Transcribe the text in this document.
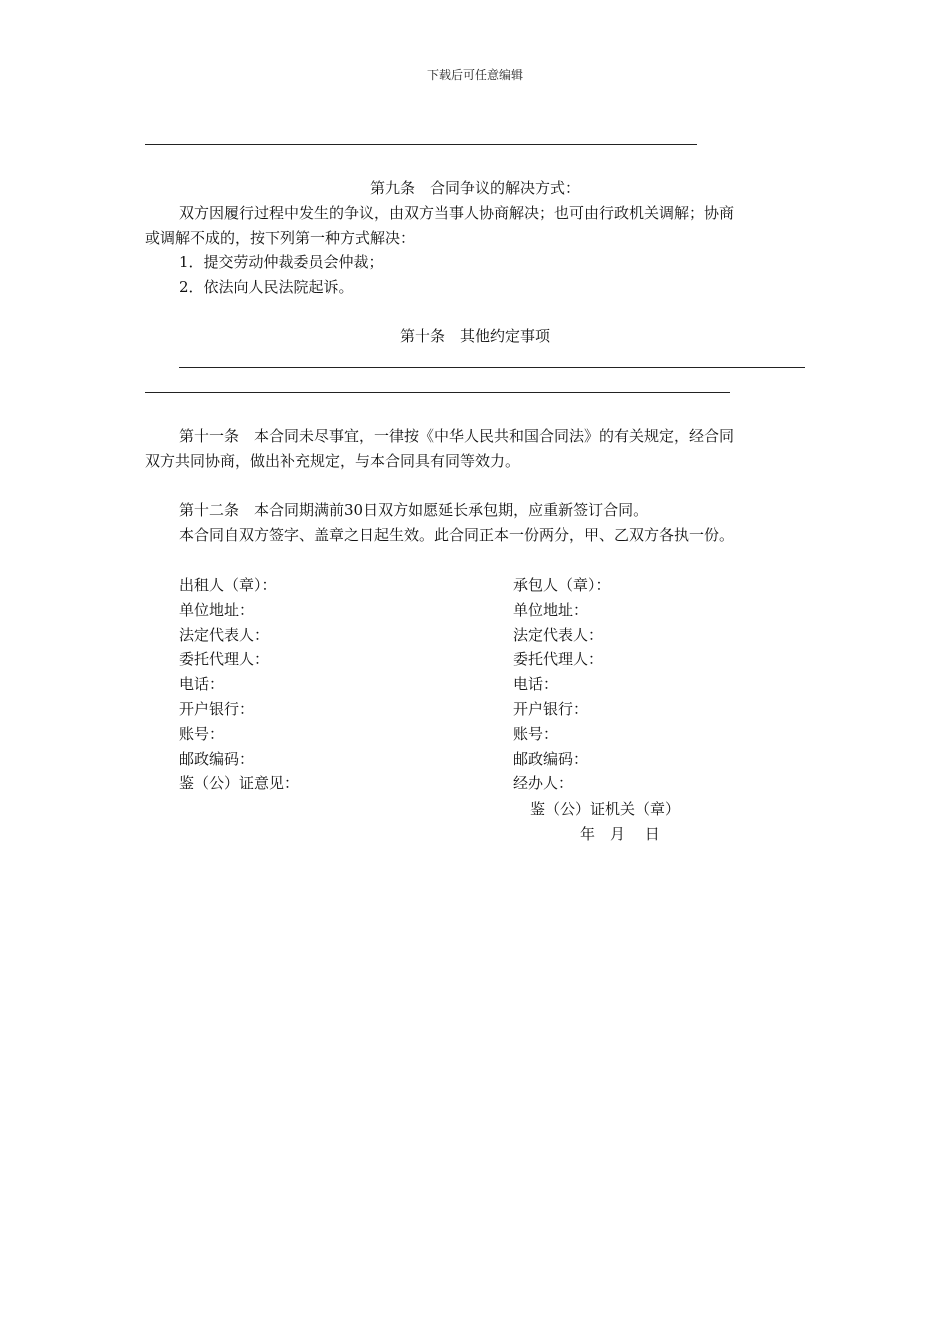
下载后可任意编辑
第九条　合同争议的解决方式：
双方因履行过程中发生的争议，由双方当事人协商解决；也可由行政机关调解；协商
或调解不成的，按下列第一种方式解决：
1．提交劳动仲裁委员会仲裁；
2．依法向人民法院起诉。
第十条　其他约定事项
第十一条　本合同未尽事宜，一律按《中华人民共和国合同法》的有关规定，经合同
双方共同协商，做出补充规定，与本合同具有同等效力。
第十二条　本合同期满前30日双方如愿延长承包期，应重新签订合同。
本合同自双方签字、盖章之日起生效。此合同正本一份两分，甲、乙双方各执一份。
出租人（章）：
单位地址：
法定代表人：
委托代理人：
电话：
开户银行：
账号：
邮政编码：
鉴（公）证意见：
承包人（章）：
单位地址：
法定代表人：
委托代理人：
电话：
开户银行：
账号：
邮政编码：
经办人：
鉴（公）证机关（章）
年　月　 日
